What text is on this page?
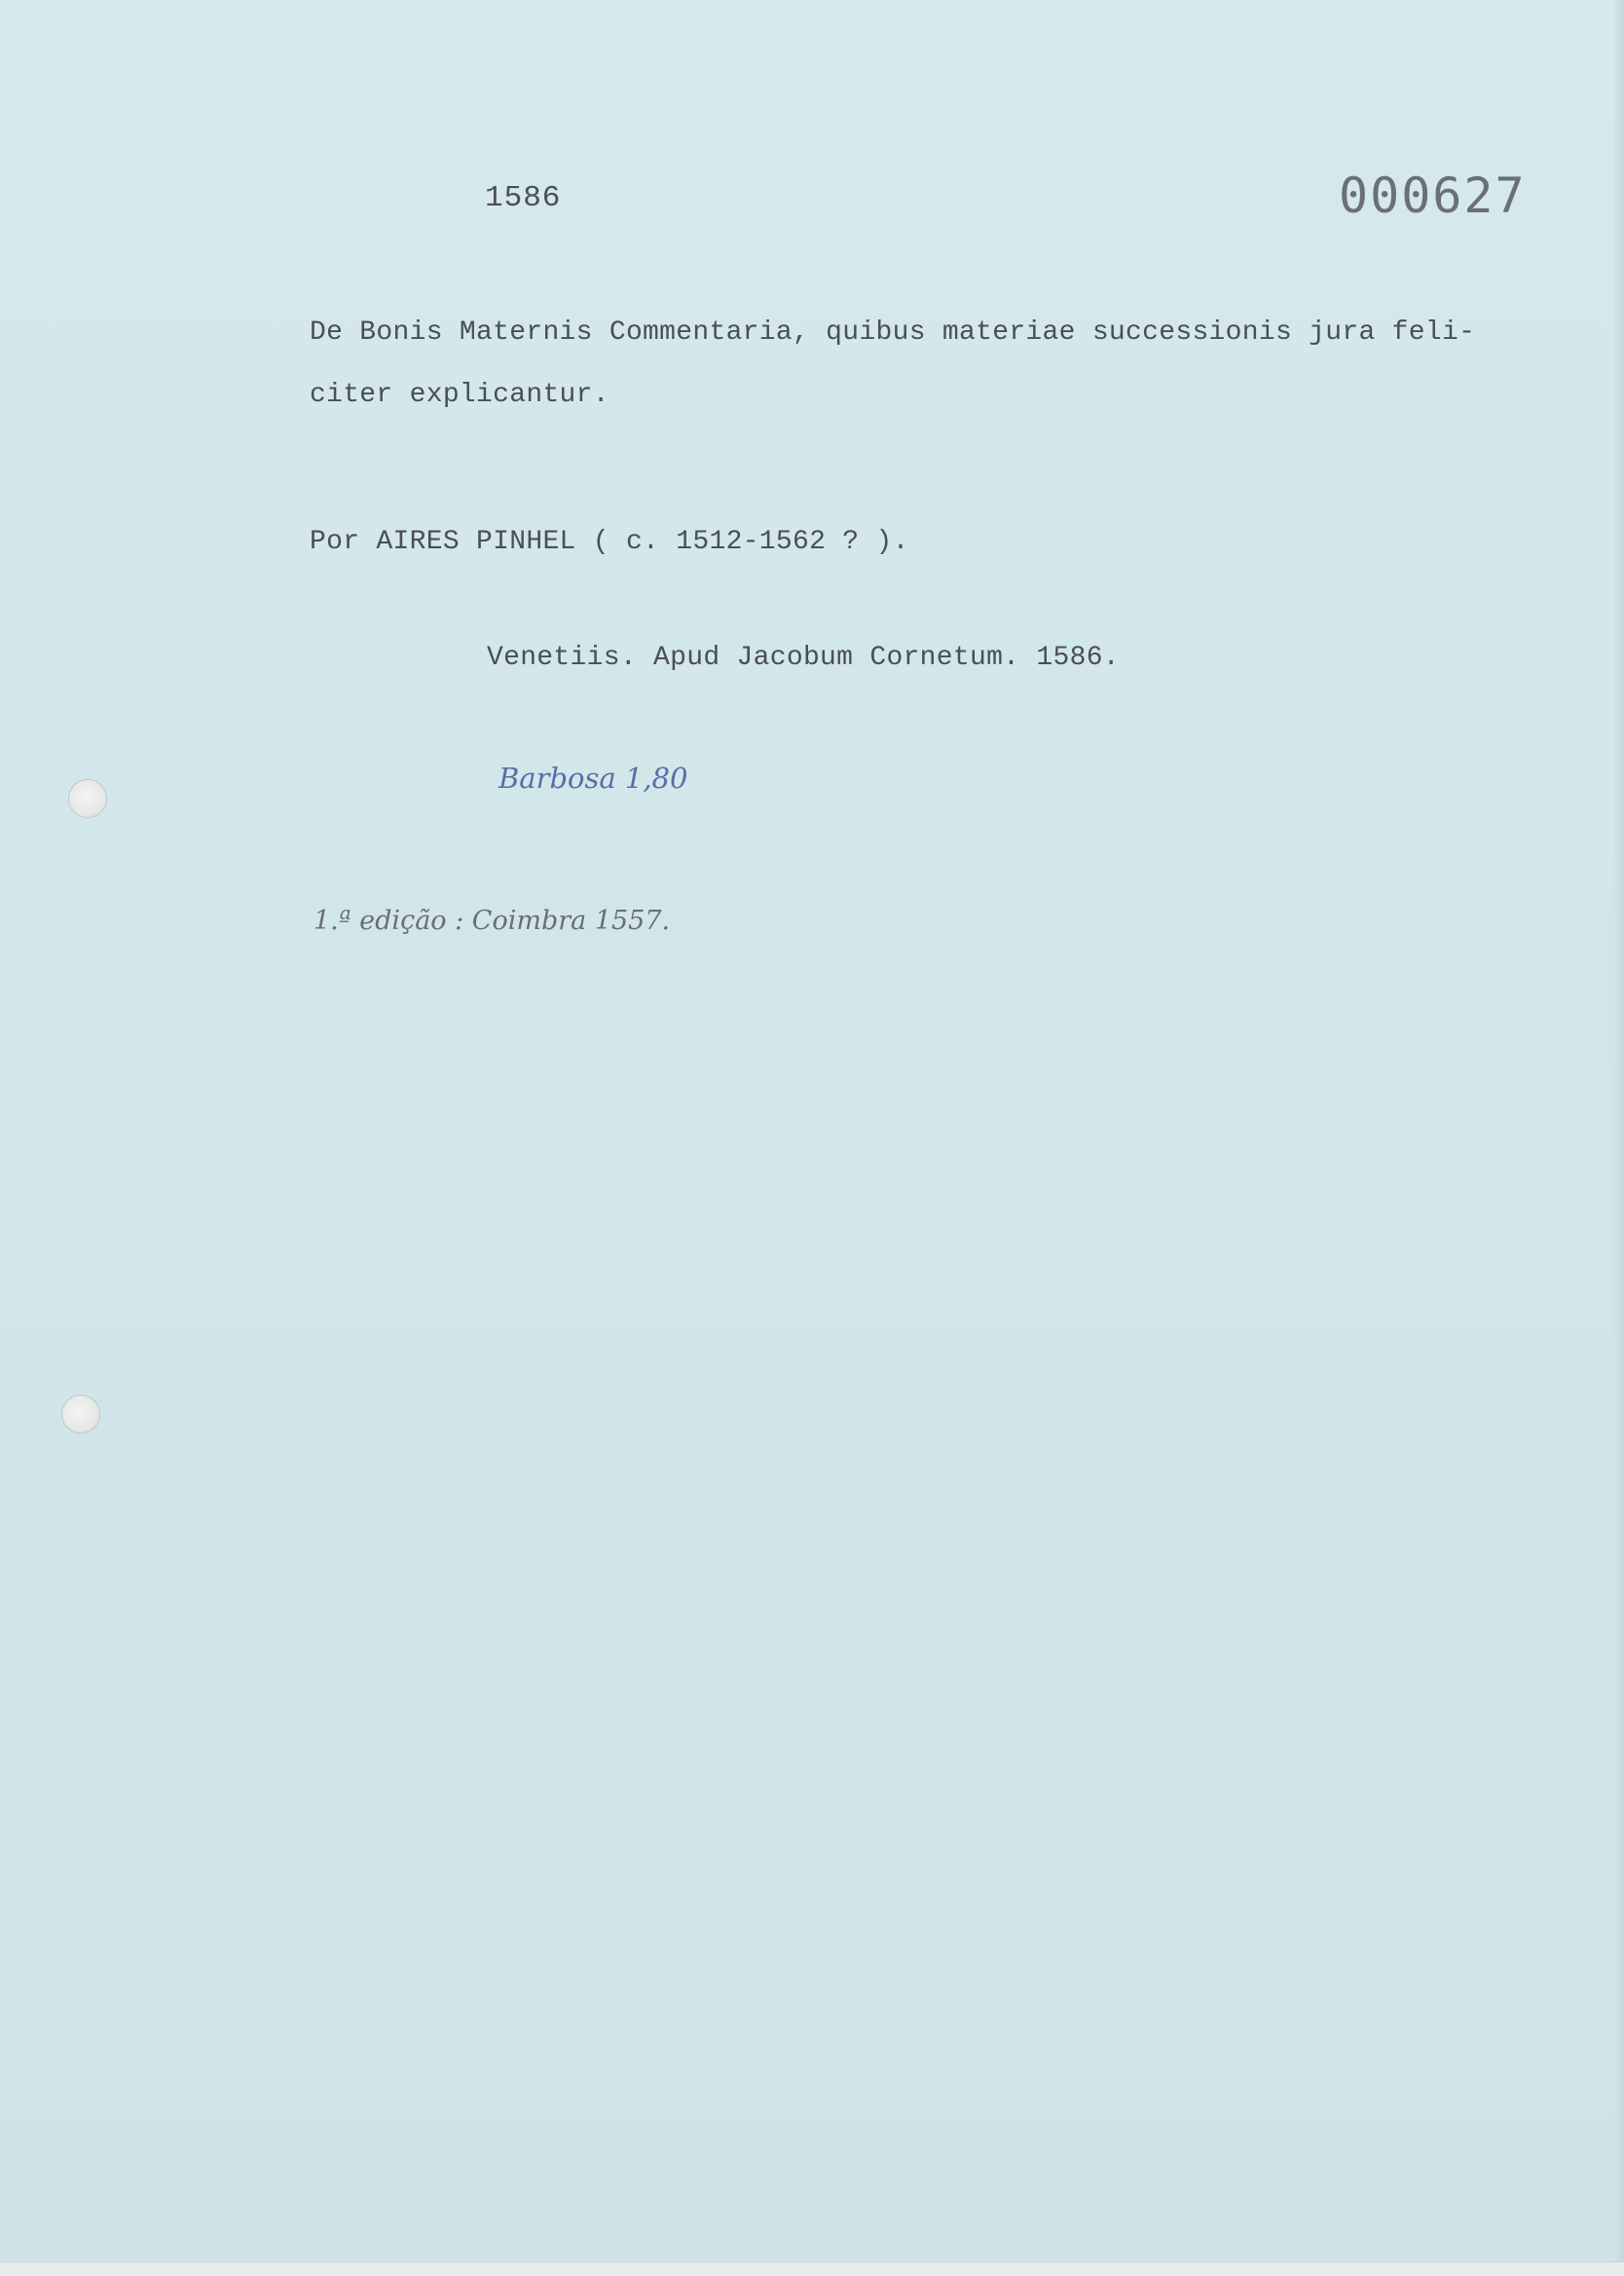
1586	000627
De Bonis Maternis Commentaria, quibus materiae successionis jura feli-
citer explicantur.
Por AIRES PINHEL ( c. 1512-1562 ? ).
Venetiis. Apud Jacobum Cornetum. 1586.
Barbosa 1,80
1.ª edição : Coimbra 1557.
